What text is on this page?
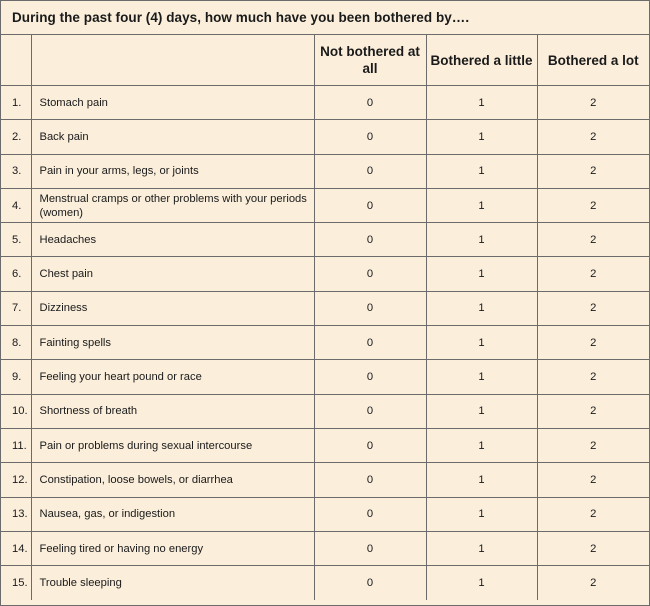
During the past four (4) days, how much have you been bothered by….
		Not bothered at all	Bothered a little	Bothered a lot
1.	Stomach pain	0	1	2
2.	Back pain	0	1	2
3.	Pain in your arms, legs, or joints	0	1	2
4.	Menstrual cramps or other problems with your periods (women)	0	1	2
5.	Headaches	0	1	2
6.	Chest pain	0	1	2
7.	Dizziness	0	1	2
8.	Fainting spells	0	1	2
9.	Feeling your heart pound or race	0	1	2
10.	Shortness of breath	0	1	2
11.	Pain or problems during sexual intercourse	0	1	2
12.	Constipation, loose bowels, or diarrhea	0	1	2
13.	Nausea, gas, or indigestion	0	1	2
14.	Feeling tired or having no energy	0	1	2
15.	Trouble sleeping	0	1	2
